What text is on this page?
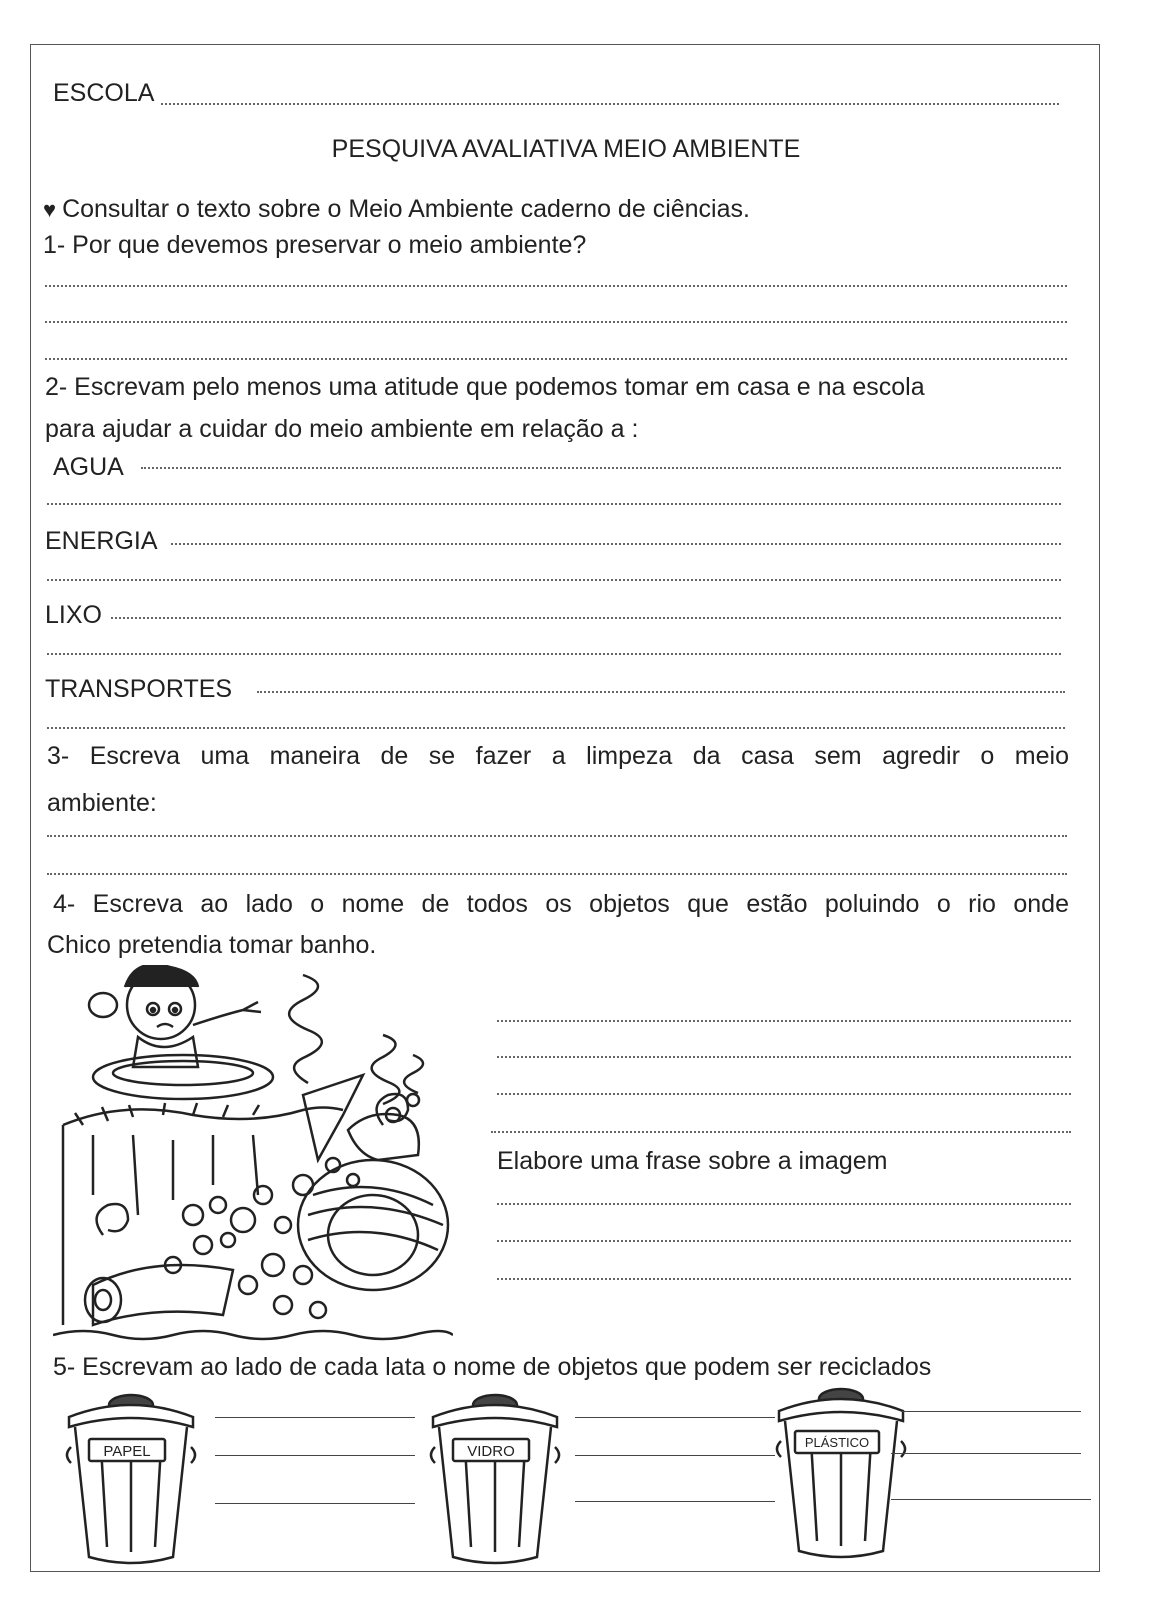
ESCOLA
PESQUIVA AVALIATIVA MEIO AMBIENTE
♥ Consultar o texto sobre o Meio Ambiente caderno de ciências.
1- Por que devemos preservar o meio ambiente?
2- Escrevam pelo menos uma atitude que podemos tomar em casa e na escola
para ajudar a cuidar do meio ambiente em relação a :
AGUA
ENERGIA
LIXO
TRANSPORTES
3- Escreva uma maneira de se fazer a limpeza da casa sem agredir o meio
ambiente:
4- Escreva ao lado o nome de todos os objetos que estão poluindo o rio onde
Chico pretendia tomar banho.
Elabore uma frase sobre a imagem
5- Escrevam ao lado de cada lata o nome de objetos que podem ser reciclados
PAPEL	VIDRO
PLÁSTICO
